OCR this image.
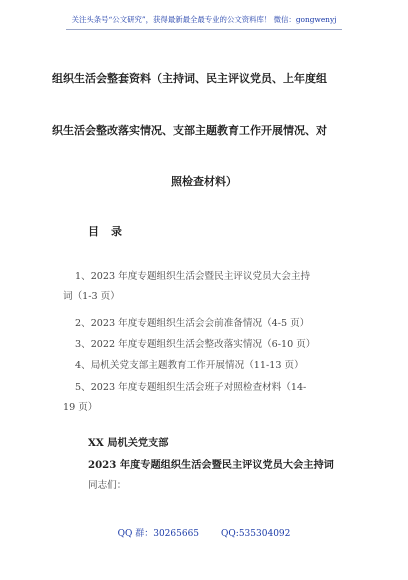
关注头条号“公文研究”，获得最新最全最专业的公文资料库！ 微信：gongwenyj
组织生活会整套资料（主持词、民主评议党员、上年度组
织生活会整改落实情况、支部主题教育工作开展情况、对
照检查材料）
目 录
1、2023 年度专题组织生活会暨民主评议党员大会主持
词（1-3 页）
2、2023 年度专题组织生活会会前准备情况（4-5 页）
3、2022 年度专题组织生活会整改落实情况（6-10 页）
4、局机关党支部主题教育工作开展情况（11-13 页）
5、2023 年度专题组织生活会班子对照检查材料（14-
19 页）
XX 局机关党支部
2023 年度专题组织生活会暨民主评议党员大会主持词
同志们：
QQ 群：30265665 QQ:535304092
